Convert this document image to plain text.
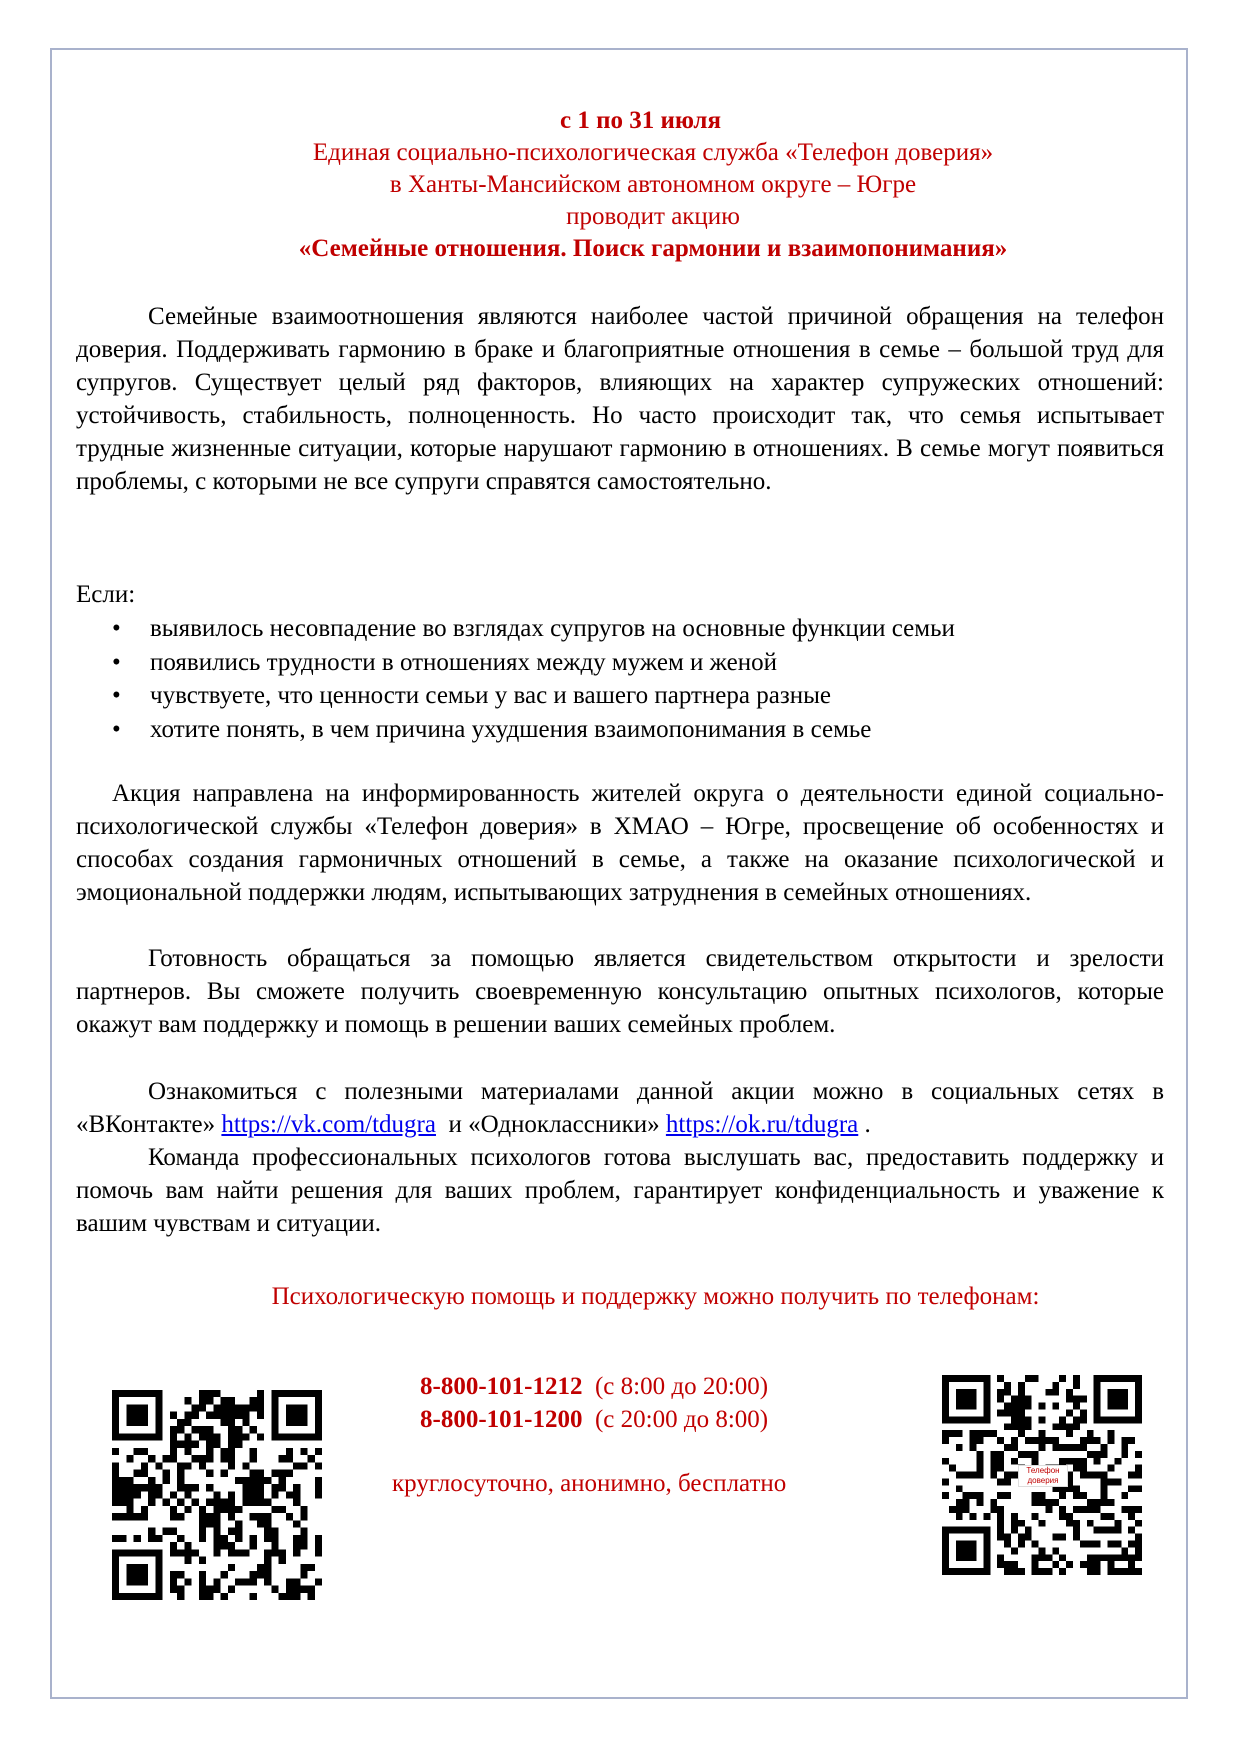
с 1 по 31 июля
Единая социально-психологическая служба «Телефон доверия»
в Ханты-Мансийском автономном округе – Югре
проводит акцию
«Семейные отношения. Поиск гармонии и взаимопонимания»

Семейные взаимоотношения являются наиболее частой причиной обращения на телефон доверия. Поддерживать гармонию в браке и благоприятные отношения в семье – большой труд для супругов. Существует целый ряд факторов, влияющих на характер супружеских отношений: устойчивость, стабильность, полноценность. Но часто происходит так, что семья испытывает трудные жизненные ситуации, которые нарушают гармонию в отношениях. В семье могут появиться проблемы, с которыми не все супруги справятся самостоятельно.

Если:
•	выявилось несовпадение во взглядах супругов на основные функции семьи
•	появились трудности в отношениях между мужем и женой
•	чувствуете, что ценности семьи у вас и вашего партнера разные
•	хотите понять, в чем причина ухудшения взаимопонимания в семье

Акция направлена на информированность жителей округа о деятельности единой социально-психологической службы «Телефон доверия» в ХМАО – Югре, просвещение об особенностях и способах создания гармоничных отношений в семье, а также на оказание психологической и эмоциональной поддержки людям, испытывающих затруднения в семейных отношениях.

Готовность обращаться за помощью является свидетельством открытости и зрелости партнеров. Вы сможете получить своевременную консультацию опытных психологов, которые окажут вам поддержку и помощь в решении ваших семейных проблем.

Ознакомиться с полезными материалами данной акции можно в социальных сетях в «ВКонтакте» https://vk.com/tdugra и «Одноклассники» https://ok.ru/tdugra .

Команда профессиональных психологов готова выслушать вас, предоставить поддержку и помочь вам найти решения для ваших проблем, гарантирует конфиденциальность и уважение к вашим чувствам и ситуации.

Психологическую помощь и поддержку можно получить по телефонам:
8-800-101-1212 (с 8:00 до 20:00)
8-800-101-1200 (с 20:00 до 8:00)
круглосуточно, анонимно, бесплатно	Телефон доверия
